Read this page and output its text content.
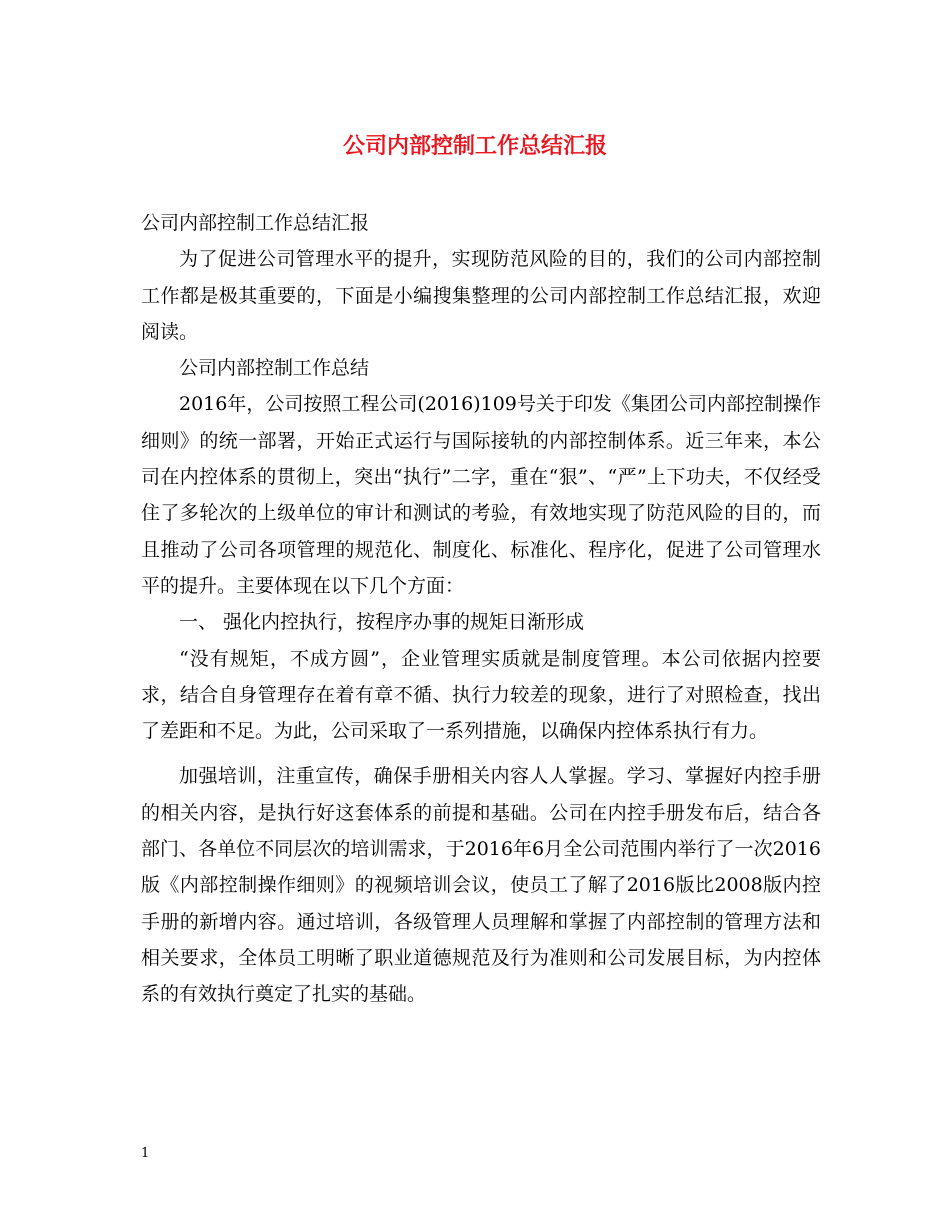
公司内部控制工作总结汇报

公司内部控制工作总结汇报

为了促进公司管理水平的提升，实现防范风险的目的，我们的公司内部控制工作都是极其重要的，下面是小编搜集整理的公司内部控制工作总结汇报，欢迎阅读。

公司内部控制工作总结

2016年，公司按照工程公司(2016)109号关于印发《集团公司内部控制操作细则》的统一部署，开始正式运行与国际接轨的内部控制体系。近三年来，本公司在内控体系的贯彻上，突出“执行”二字，重在“狠”、“严”上下功夫，不仅经受住了多轮次的上级单位的审计和测试的考验，有效地实现了防范风险的目的，而且推动了公司各项管理的规范化、制度化、标准化、程序化，促进了公司管理水平的提升。主要体现在以下几个方面：

一、 强化内控执行，按程序办事的规矩日渐形成

“没有规矩，不成方圆”，企业管理实质就是制度管理。本公司依据内控要求，结合自身管理存在着有章不循、执行力较差的现象，进行了对照检查，找出了差距和不足。为此，公司采取了一系列措施，以确保内控体系执行有力。

加强培训，注重宣传，确保手册相关内容人人掌握。学习、掌握好内控手册的相关内容，是执行好这套体系的前提和基础。公司在内控手册发布后，结合各部门、各单位不同层次的培训需求，于2016年6月全公司范围内举行了一次2016版《内部控制操作细则》的视频培训会议，使员工了解了2016版比2008版内控手册的新增内容。通过培训，各级管理人员理解和掌握了内部控制的管理方法和相关要求，全体员工明晰了职业道德规范及行为准则和公司发展目标，为内控体系的有效执行奠定了扎实的基础。

1
